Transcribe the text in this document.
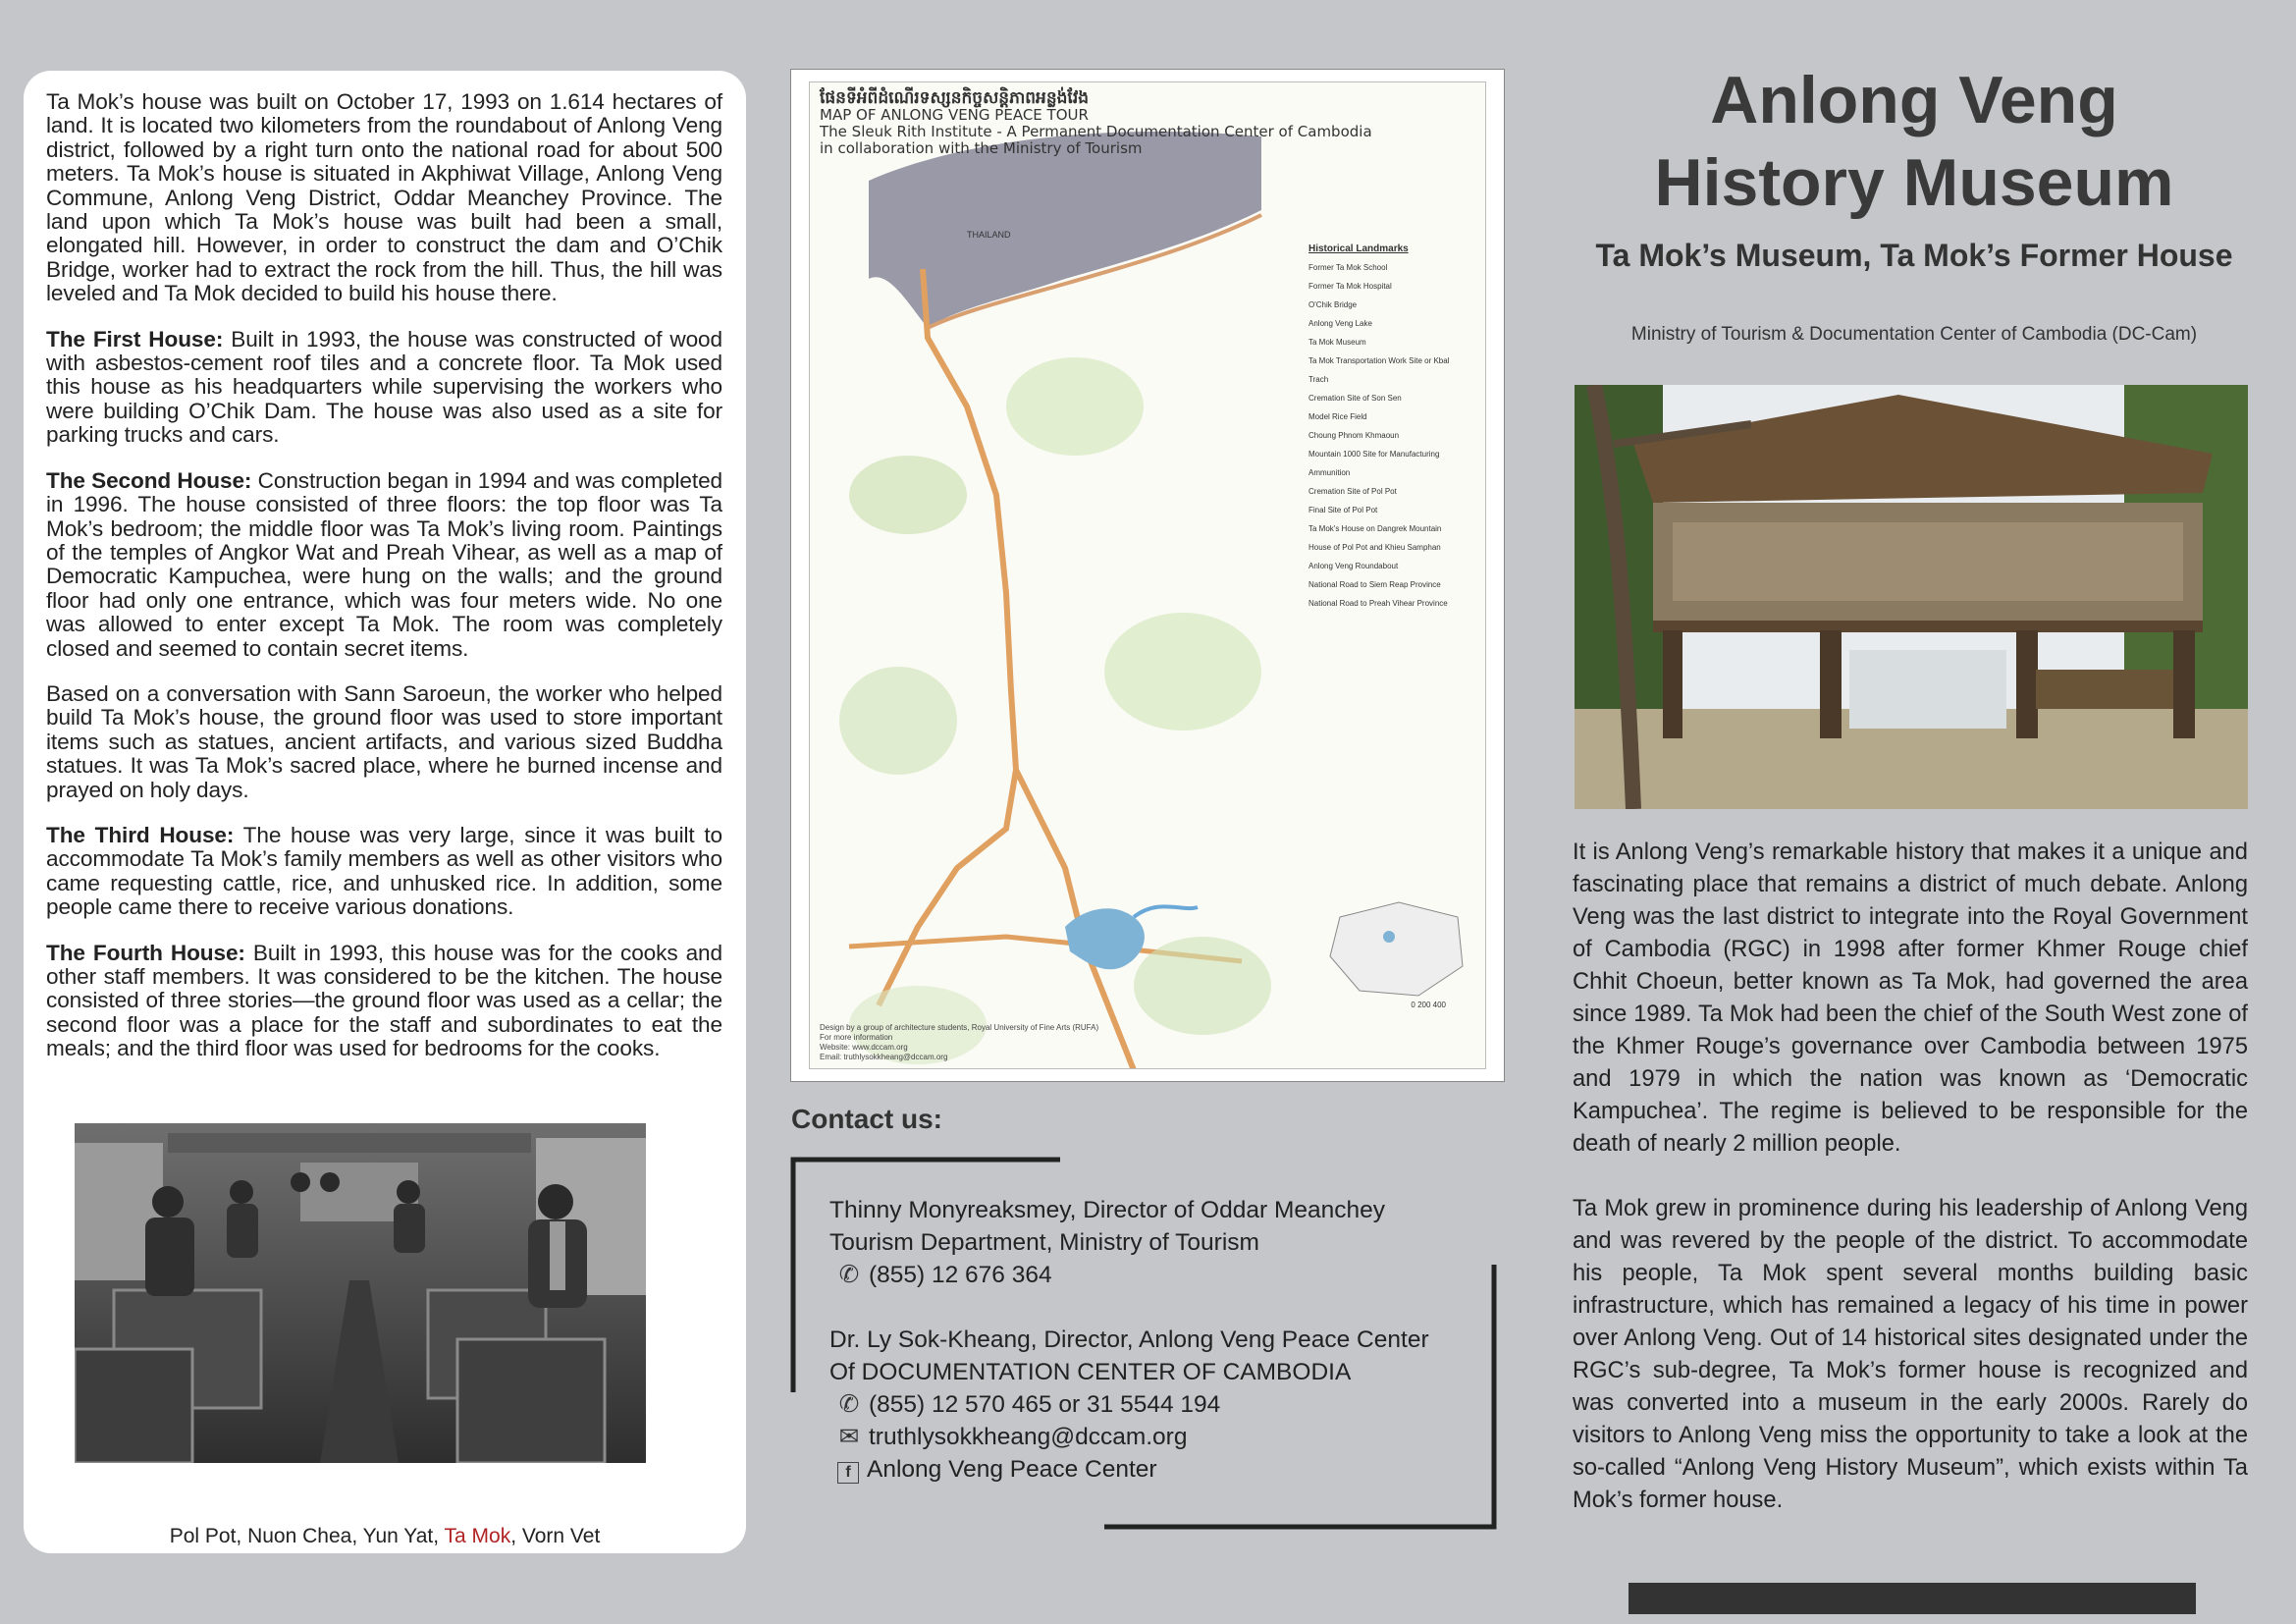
Ta Mok’s house was built on October 17, 1993 on 1.614 hectares of land. It is located two kilometers from the roundabout of Anlong Veng district, followed by a right turn onto the national road for about 500 meters. Ta Mok’s house is situated in Akphiwat Village, Anlong Veng Commune, Anlong Veng District, Oddar Meanchey Province. The land upon which Ta Mok’s house was built had been a small, elongated hill. However, in order to construct the dam and O’Chik Bridge, worker had to extract the rock from the hill. Thus, the hill was leveled and Ta Mok decided to build his house there.

The First House: Built in 1993, the house was constructed of wood with asbestos-cement roof tiles and a concrete floor. Ta Mok used this house as his headquarters while supervising the workers who were building O’Chik Dam. The house was also used as a site for parking trucks and cars.

The Second House: Construction began in 1994 and was completed in 1996. The house consisted of three floors: the top floor was Ta Mok’s bedroom; the middle floor was Ta Mok’s living room. Paintings of the temples of Angkor Wat and Preah Vihear, as well as a map of Democratic Kampuchea, were hung on the walls; and the ground floor had only one entrance, which was four meters wide. No one was allowed to enter except Ta Mok. The room was completely closed and seemed to contain secret items.

Based on a conversation with Sann Saroeun, the worker who helped build Ta Mok’s house, the ground floor was used to store important items such as statues, ancient artifacts, and various sized Buddha statues. It was Ta Mok’s sacred place, where he burned incense and prayed on holy days.

The Third House: The house was very large, since it was built to accommodate Ta Mok’s family members as well as other visitors who came requesting cattle, rice, and unhusked rice. In addition, some people came there to receive various donations.

The Fourth House: Built in 1993, this house was for the cooks and other staff members. It was considered to be the kitchen. The house consisted of three stories—the ground floor was used as a cellar; the second floor was a place for the staff and subordinates to eat the meals; and the third floor was used for bedrooms for the cooks.

Pol Pot, Nuon Chea, Yun Yat, Ta Mok, Vorn Vet
ផែនទីអំពីដំណើរទស្សនកិច្ចសន្តិភាពអន្លង់វែង
MAP OF ANLONG VENG PEACE TOUR
The Sleuk Rith Institute - A Permanent Documentation Center of Cambodia
in collaboration with the Ministry of Tourism
THAILAND
Historical Landmarks
Former Ta Mok School
Former Ta Mok Hospital
O'Chik Bridge
Anlong Veng Lake
Ta Mok Museum
Ta Mok Transportation Work Site or Kbal Trach
Cremation Site of Son Sen
Model Rice Field
Choung Phnom Khmaoun
Mountain 1000 Site for Manufacturing Ammunition
Cremation Site of Pol Pot
Final Site of Pol Pot
Ta Mok's House on Dangrek Mountain
House of Pol Pot and Khieu Samphan
Anlong Veng Roundabout
National Road to Siem Reap Province
National Road to Preah Vihear Province
0 200 400
Design by a group of architecture students, Royal University of Fine Arts (RUFA)
For more information
Website: www.dccam.org
Email: truthlysokkheang@dccam.org
Contact us:
Thinny Monyreaksmey, Director of Oddar Meanchey
Tourism Department, Ministry of Tourism
✆ (855) 12 676 364
Dr. Ly Sok-Kheang, Director, Anlong Veng Peace Center
Of DOCUMENTATION CENTER OF CAMBODIA
✆ (855) 12 570 465 or 31 5544 194
✉ truthlysokkheang@dccam.org
f Anlong Veng Peace Center
Anlong Veng
History Museum
Ta Mok’s Museum, Ta Mok’s Former House
Ministry of Tourism & Documentation Center of Cambodia (DC-Cam)

It is Anlong Veng’s remarkable history that makes it a unique and fascinating place that remains a district of much debate. Anlong Veng was the last district to integrate into the Royal Government of Cambodia (RGC) in 1998 after former Khmer Rouge chief Chhit Choeun, better known as Ta Mok, had governed the area since 1989. Ta Mok had been the chief of the South West zone of the Khmer Rouge’s governance over Cambodia between 1975 and 1979 in which the nation was known as ‘Democratic Kampuchea’. The regime is believed to be responsible for the death of nearly 2 million people.

Ta Mok grew in prominence during his leadership of Anlong Veng and was revered by the people of the district. To accommodate his people, Ta Mok spent several months building basic infrastructure, which has remained a legacy of his time in power over Anlong Veng. Out of 14 historical sites designated under the RGC’s sub-degree, Ta Mok’s former house is recognized and was converted into a museum in the early 2000s. Rarely do visitors to Anlong Veng miss the opportunity to take a look at the so-called “Anlong Veng History Museum”, which exists within Ta Mok’s former house.
